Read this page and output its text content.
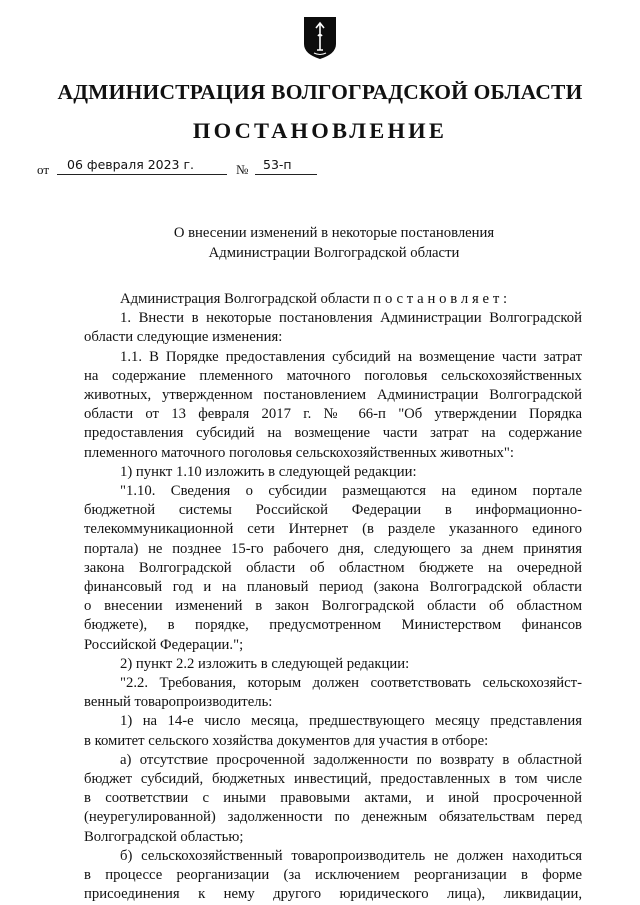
АДМИНИСТРАЦИЯ ВОЛГОГРАДСКОЙ ОБЛАСТИ
ПОСТАНОВЛЕНИЕ
от	06 февраля 2023 г.	№	53-п
О внесении изменений в некоторые постановления
Администрации Волгоградской области

Администрация Волгоградской области постановляет:

1. Внести в некоторые постановления Администрации Волгоградской

области следующие изменения:

1.1. В Порядке предоставления субсидий на возмещение части затрат

на содержание племенного маточного поголовья сельскохозяйственных

животных, утвержденном постановлением Администрации Волгоградской

области от 13 февраля 2017 г. № 66-п "Об утверждении Порядка

предоставления субсидий на возмещение части затрат на содержание

племенного маточного поголовья сельскохозяйственных животных":

1) пункт 1.10 изложить в следующей редакции:

"1.10. Сведения о субсидии размещаются на едином портале

бюджетной системы Российской Федерации в информационно-

телекоммуникационной сети Интернет (в разделе указанного единого

портала) не позднее 15-го рабочего дня, следующего за днем принятия

закона Волгоградской области об областном бюджете на очередной

финансовый год и на плановый период (закона Волгоградской области

о внесении изменений в закон Волгоградской области об областном

бюджете), в порядке, предусмотренном Министерством финансов

Российской Федерации.";

2) пункт 2.2 изложить в следующей редакции:

"2.2. Требования, которым должен соответствовать сельскохозяйст-

венный товаропроизводитель:

1) на 14-е число месяца, предшествующего месяцу представления

в комитет сельского хозяйства документов для участия в отборе:

а) отсутствие просроченной задолженности по возврату в областной

бюджет субсидий, бюджетных инвестиций, предоставленных в том числе

в соответствии с иными правовыми актами, и иной просроченной

(неурегулированной) задолженности по денежным обязательствам перед

Волгоградской областью;

б) сельскохозяйственный товаропроизводитель не должен находиться

в процессе реорганизации (за исключением реорганизации в форме

присоединения к нему другого юридического лица), ликвидации,
